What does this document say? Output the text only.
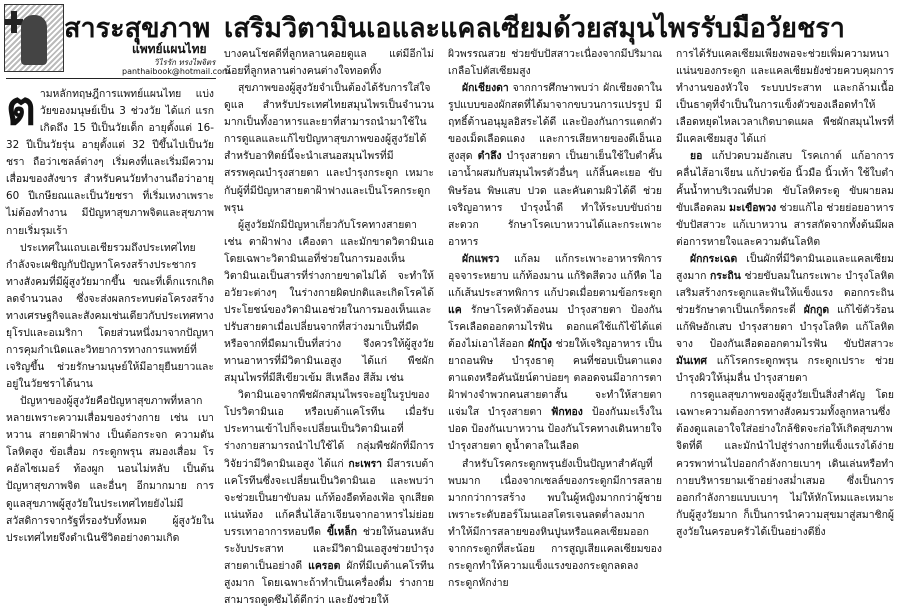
สาระสุขภาพ
แพทย์แผนไทย
วิไรรัก ทรงไพจิตร
panthaibook@hotmail.com
เสริมวิตามินเอและแคลเซียมด้วยสมุนไพรรับมือวัยชรา

ตามหลักทฤษฎีการแพทย์แผนไทย แบ่งวัยของมนุษย์เป็น 3 ช่วงวัย ได้แก่ แรกเกิดถึง 15 ปีเป็นวัยเด็ก อายุตั้งแต่ 16-32 ปีเป็นวัยรุ่น อายุตั้งแต่ 32 ปีขึ้นไปเป็นวัยชรา ถือว่าเซลล์ต่างๆ เริ่มคงที่และเริ่มมีความเสื่อมของสังขาร สำหรับคนวัยทำงานถือว่าอายุ 60 ปีเกษียณและเป็นวัยชรา ที่เริ่มเหงาเพราะไม่ต้องทำงาน มีปัญหาสุขภาพจิตและสุขภาพกายเริ่มรุมเร้า

ประเทศในแถบเอเชียรวมถึงประเทศไทยกำลังจะเผชิญกับปัญหาโครงสร้างประชากรทางสังคมที่มีผู้สูงวัยมากขึ้น ขณะที่เด็กแรกเกิดลดจำนวนลง ซึ่งจะส่งผลกระทบต่อโครงสร้างทางเศรษฐกิจและสังคมเช่นเดียวกับประเทศทางยุโรปและอเมริกา โดยส่วนหนึ่งมาจากปัญหาการคุมกำเนิดและวิทยาการทางการแพทย์ที่เจริญขึ้น ช่วยรักษามนุษย์ให้มีอายุยืนยาวและอยู่ในวัยชราได้นาน

ปัญหาของผู้สูงวัยคือปัญหาสุขภาพที่หลากหลายเพราะความเสื่อมของร่างกาย เช่น เบาหวาน สายตาฝ้าฟาง เป็นต้อกระจก ความดันโลหิตสูง ข้อเสื่อม กระดูกพรุน สมองเสื่อม โรคอัลไซเมอร์ ท้องผูก นอนไม่หลับ เป็นต้น ปัญหาสุขภาพจิต และอื่นๆ อีกมากมาย การดูแลสุขภาพผู้สูงวัยในประเทศไทยยังไม่มีสวัสดิการจากรัฐที่รองรับทั้งหมด ผู้สูงวัยในประเทศไทยจึงดำเนินชีวิตอย่างตามเกิด

บางคนโชคดีที่ลูกหลานคอยดูแล แต่มีอีกไม่น้อยที่ลูกหลานต่างคนต่างใจทอดทิ้ง

สุขภาพของผู้สูงวัยจำเป็นต้องได้รับการใส่ใจดูแล สำหรับประเทศไทยสมุนไพรเป็นจำนวนมากเป็นทั้งอาหารและยาที่สามารถนำมาใช้ในการดูแลและแก้ไขปัญหาสุขภาพของผู้สูงวัยได้ สำหรับอาทิตย์นี้จะนำเสนอสมุนไพรที่มีสรรพคุณบำรุงสายตา และบำรุงกระดูก เหมาะกับผู้ที่มีปัญหาสายตาฝ้าฟางและเป็นโรคกระดูกพรุน

ผู้สูงวัยมักมีปัญหาเกี่ยวกับโรคทางสายตา เช่น ตาฝ้าฟาง เคืองตา และมักขาดวิตามินเอ โดยเฉพาะวิตามินเอที่ช่วยในการมองเห็น วิตามินเอเป็นสารที่ร่างกายขาดไม่ได้ จะทำให้อวัยวะต่างๆ ในร่างกายผิดปกติและเกิดโรคได้ ประโยชน์ของวิตามินเอช่วยในการมองเห็นและปรับสายตาเมื่อเปลี่ยนจากที่สว่างมาเป็นที่มืด หรือจากที่มืดมาเป็นที่สว่าง จึงควรให้ผู้สูงวัยทานอาหารที่มีวิตามินเอสูง ได้แก่ พืชผักสมุนไพรที่มีสีเขียวเข้ม สีเหลือง สีส้ม เช่น

วิตามินเอจากพืชผักสมุนไพรจะอยู่ในรูปของโปรวิตามินเอ หรือเบต้าแคโรทีน เมื่อรับประทานเข้าไปก็จะเปลี่ยนเป็นวิตามินเอที่ร่างกายสามารถนำไปใช้ได้ กลุ่มพืชผักที่มีการวิจัยว่ามีวิตามินเอสูง ได้แก่ กะเพรา มีสารเบต้าแคโรทีนซึ่งจะเปลี่ยนเป็นวิตามินเอ และพบว่าจะช่วยเป็นยาขับลม แก้ท้องอืดท้องเฟ้อ จุกเสียดแน่นท้อง แก้คลื่นไส้อาเจียนจากอาหารไม่ย่อย บรรเทาอาการหอบหืด ขี้เหล็ก ช่วยให้นอนหลับ ระงับประสาท และมีวิตามินเอสูงช่วยบำรุงสายตาเป็นอย่างดี แครอต ผักที่มีเบต้าแคโรทีนสูงมาก โดยเฉพาะถ้าทำเป็นเครื่องดื่ม ร่างกายสามารถดูดซึมได้ดีกว่า และยังช่วยให้

ผิวพรรณสวย ช่วยขับปัสสาวะเนื่องจากมีปริมาณเกลือโปตัสเซียมสูง

ผักเชียงดา จากการศึกษาพบว่า ผักเชียงดาในรูปแบบของผักสดที่ได้มาจากขบวนการแปรรูป มีฤทธิ์ต้านอนุมูลอิสระได้ดี และป้องกันการแตกตัวของเม็ดเลือดแดง และการเสียหายของดีเอ็นเอสูงสุด ตำลึง บำรุงสายตา เป็นยาเย็นใช้ใบตำคั้นเอาน้ำผสมกับสมุนไพรตัวอื่นๆ แก้ลิ้นคะเยอ ขับพิษร้อน พิษแสบ ปวด และคันตามผิวได้ดี ช่วยเจริญอาหาร บำรุงน้ำดี ทำให้ระบบขับถ่ายสะดวก รักษาโรคเบาหวานได้และกระเพาะอาหาร

ผักแพรว แก้ลม แก้กระเพาะอาหารพิการ อุจจาระหยาบ แก้ท้องมาน แก้ริดสีดวง แก้หืด ไอ แก้เส้นประสาทพิการ แก้ปวดเมื่อยตามข้อกระดูก แค รักษาโรคหัวต้องนม บำรุงสายตา ป้องกันโรคเลือดออกตามไรฟัน ดอกแค่ใช้แก้ไข้ได้แต่ต้องไม่เอาไส้ออก ผักบุ้ง ช่วยให้เจริญอาหาร เป็นยาถอนพิษ บำรุงธาตุ คนที่ชอบเป็นตาแดง ตาแดงหรือคันนัยน์ตาบ่อยๆ ตลอดจนมีอาการตาฝ้าฟางจำพวกคนสายตาสั้น จะทำให้สายตาแจ่มใส บำรุงสายตา ฟักทอง ป้องกันมะเร็งในปอด ป้องกันเบาหวาน ป้องกันโรคทางเดินหายใจ บำรุงสายตา ดูน้ำตาลในเลือด

สำหรับโรคกระดูกพรุนยังเป็นปัญหาสำคัญที่พบมาก เนื่องจากเซลล์ของกระดูกมีการสลายมากกว่าการสร้าง พบในผู้หญิงมากกว่าผู้ชาย เพราะระดับฮอร์โมนเอสโตรเจนลดต่ำลงมาก ทำให้มีการสลายของหินปูนหรือแคลเซียมออกจากกระดูกที่สะน้อย การสูญเสียแคลเซียมของกระดูกทำให้ความแข็งแรงของกระดูกลดลง กระดูกหักง่าย

การได้รับแคลเซียมเพียงพอจะช่วยเพิ่มความหนาแน่นของกระดูก และแคลเซียมยังช่วยควบคุมการทำงานของหัวใจ ระบบประสาท และกล้ามเนื้อ เป็นธาตุที่จำเป็นในการแข็งตัวของเลือดทำให้เลือดหยุดไหลเวลาเกิดบาดแผล พืชผักสมุนไพรที่มีแคลเซียมสูง ได้แก่

ยอ แก้ปวดบวมอักเสบ โรคเกาต์ แก้อาการคลื่นไส้อาเจียน แก้ปวดข้อ นิ้วมือ นิ้วเท้า ใช้ใบตำคั้นน้ำทาบริเวณที่ปวด ขับโลหิตระดู ขับผายลม ขับเลือดลม มะเขือพวง ช่วยแก้ไอ ช่วยย่อยอาหาร ขับปัสสาวะ แก้เบาหวาน สารสกัดจากทั้งต้นมีผลต่อการหายใจและความดันโลหิต

ผักกระเฉด เป็นผักที่มีวิตามินเอและแคลเซียมสูงมาก กระถิน ช่วยขับลมในกระเพาะ บำรุงโลหิต เสริมสร้างกระดูกและฟันให้แข็งแรง ดอกกระถินช่วยรักษาตาเป็นเกร็ดกระดี่ ผักกูด แก้ไข้ตัวร้อน แก้พิษอักเสบ บำรุงสายตา บำรุงโลหิต แก้โลหิตจาง ป้องกันเลือดออกตามไรฟัน ขับปัสสาวะ มันเทศ แก้โรคกระดูกพรุน กระดูกเปราะ ช่วยบำรุงผิวให้นุ่มลื่น บำรุงสายตา

การดูแลสุขภาพของผู้สูงวัยเป็นสิ่งสำคัญ โดยเฉพาะความต้องการทางสังคมรวมทั้งลูกหลานซึ่งต้องดูแลเอาใจใส่อย่างใกล้ชิดจะก่อให้เกิดสุขภาพจิตที่ดี และมักนำไปสู่ร่างกายที่แข็งแรงได้ง่าย ควรพาท่านไปออกกำลังกายเบาๆ เดินเล่นหรือทำกายบริหารยามเช้าอย่างสม่ำเสมอ ซึ่งเป็นการออกกำลังกายแบบเบาๆ ไม่ให้หักโหมและเหมาะกับผู้สูงวัยมาก ก็เป็นการนำความสุขมาสู่สมาชิกผู้สูงวัยในครอบครัวได้เป็นอย่างดียิ่ง
